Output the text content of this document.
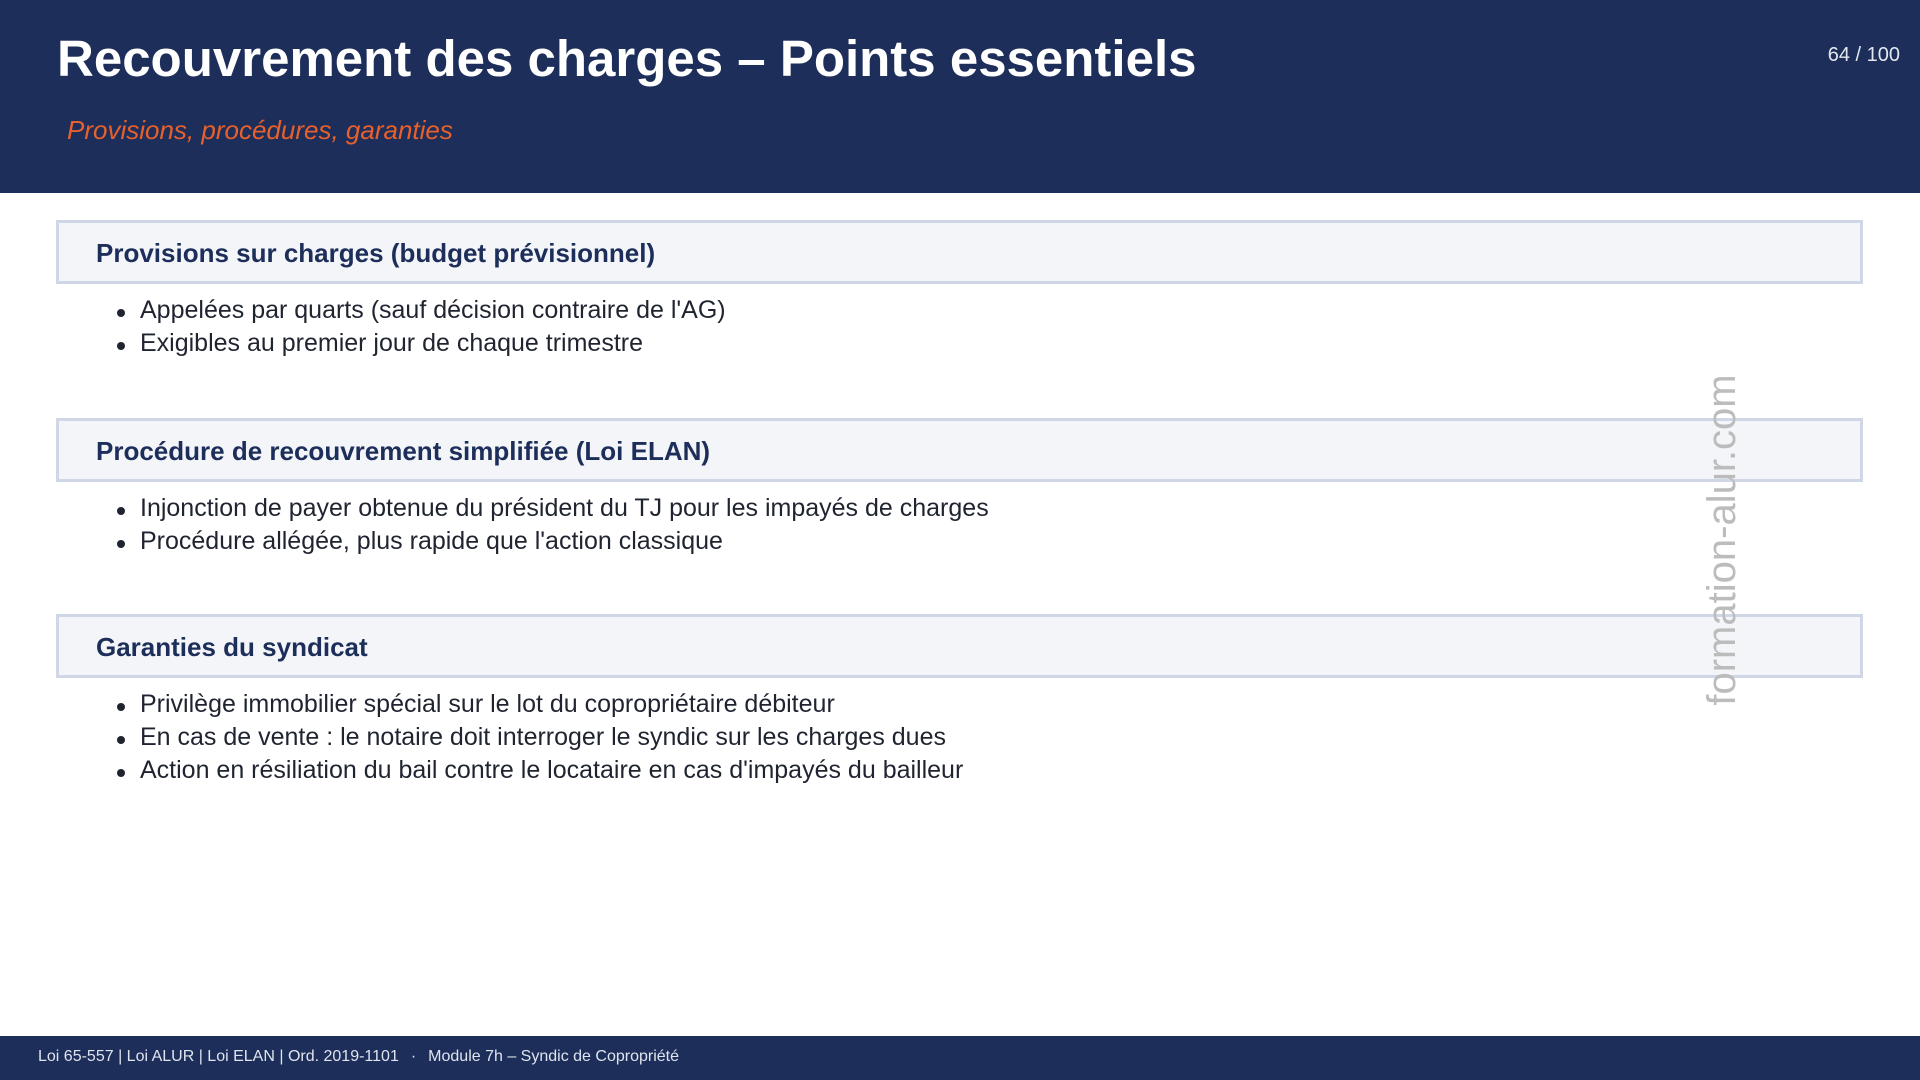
Recouvrement des charges – Points essentiels
Provisions, procédures, garanties
64 / 100
Provisions sur charges (budget prévisionnel)
Appelées par quarts (sauf décision contraire de l'AG)
Exigibles au premier jour de chaque trimestre
Procédure de recouvrement simplifiée (Loi ELAN)
Injonction de payer obtenue du président du TJ pour les impayés de charges
Procédure allégée, plus rapide que l'action classique
Garanties du syndicat
Privilège immobilier spécial sur le lot du copropriétaire débiteur
En cas de vente : le notaire doit interroger le syndic sur les charges dues
Action en résiliation du bail contre le locataire en cas d'impayés du bailleur
formation-alur.com
Loi 65-557 | Loi ALUR | Loi ELAN | Ord. 2019-1101 · Module 7h – Syndic de Copropriété
